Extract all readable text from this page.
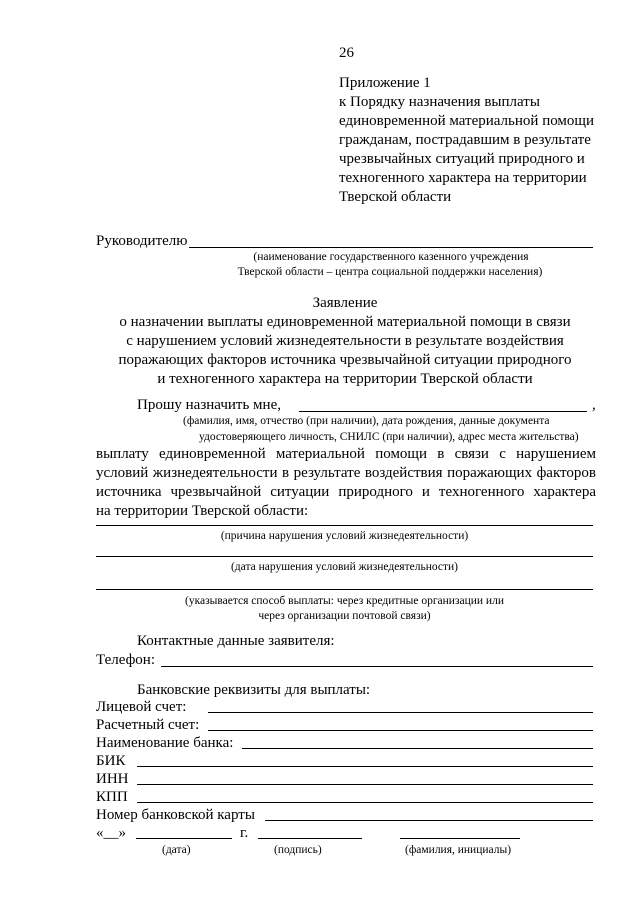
26
Приложение 1
к Порядку назначения выплаты
единовременной материальной помощи
гражданам, пострадавшим в результате
чрезвычайных ситуаций природного и
техногенного характера на территории
Тверской области
Руководителю
(наименование государственного казенного учреждения
Тверской области – центра социальной поддержки населения)
Заявление
о назначении выплаты единовременной материальной помощи в связи
с нарушением условий жизнедеятельности в результате воздействия
поражающих факторов источника чрезвычайной ситуации природного
и техногенного характера на территории Тверской области
Прошу назначить мне,	,
(фамилия, имя, отчество (при наличии), дата рождения, данные документа
удостоверяющего личность, СНИЛС (при наличии), адрес места жительства)
выплату единовременной материальной помощи в связи с нарушением
условий жизнедеятельности в результате воздействия поражающих факторов
источника чрезвычайной ситуации природного и техногенного характера
на территории Тверской области:
(причина нарушения условий жизнедеятельности)
(дата нарушения условий жизнедеятельности)
(указывается способ выплаты: через кредитные организации или
через организации почтовой связи)
Контактные данные заявителя:
Телефон:
Банковские реквизиты для выплаты:
Лицевой счет:
Расчетный счет:
Наименование банка:
БИК
ИНН
КПП
Номер банковской карты
«__»	г.
(дата)	(подпись)	(фамилия, инициалы)
